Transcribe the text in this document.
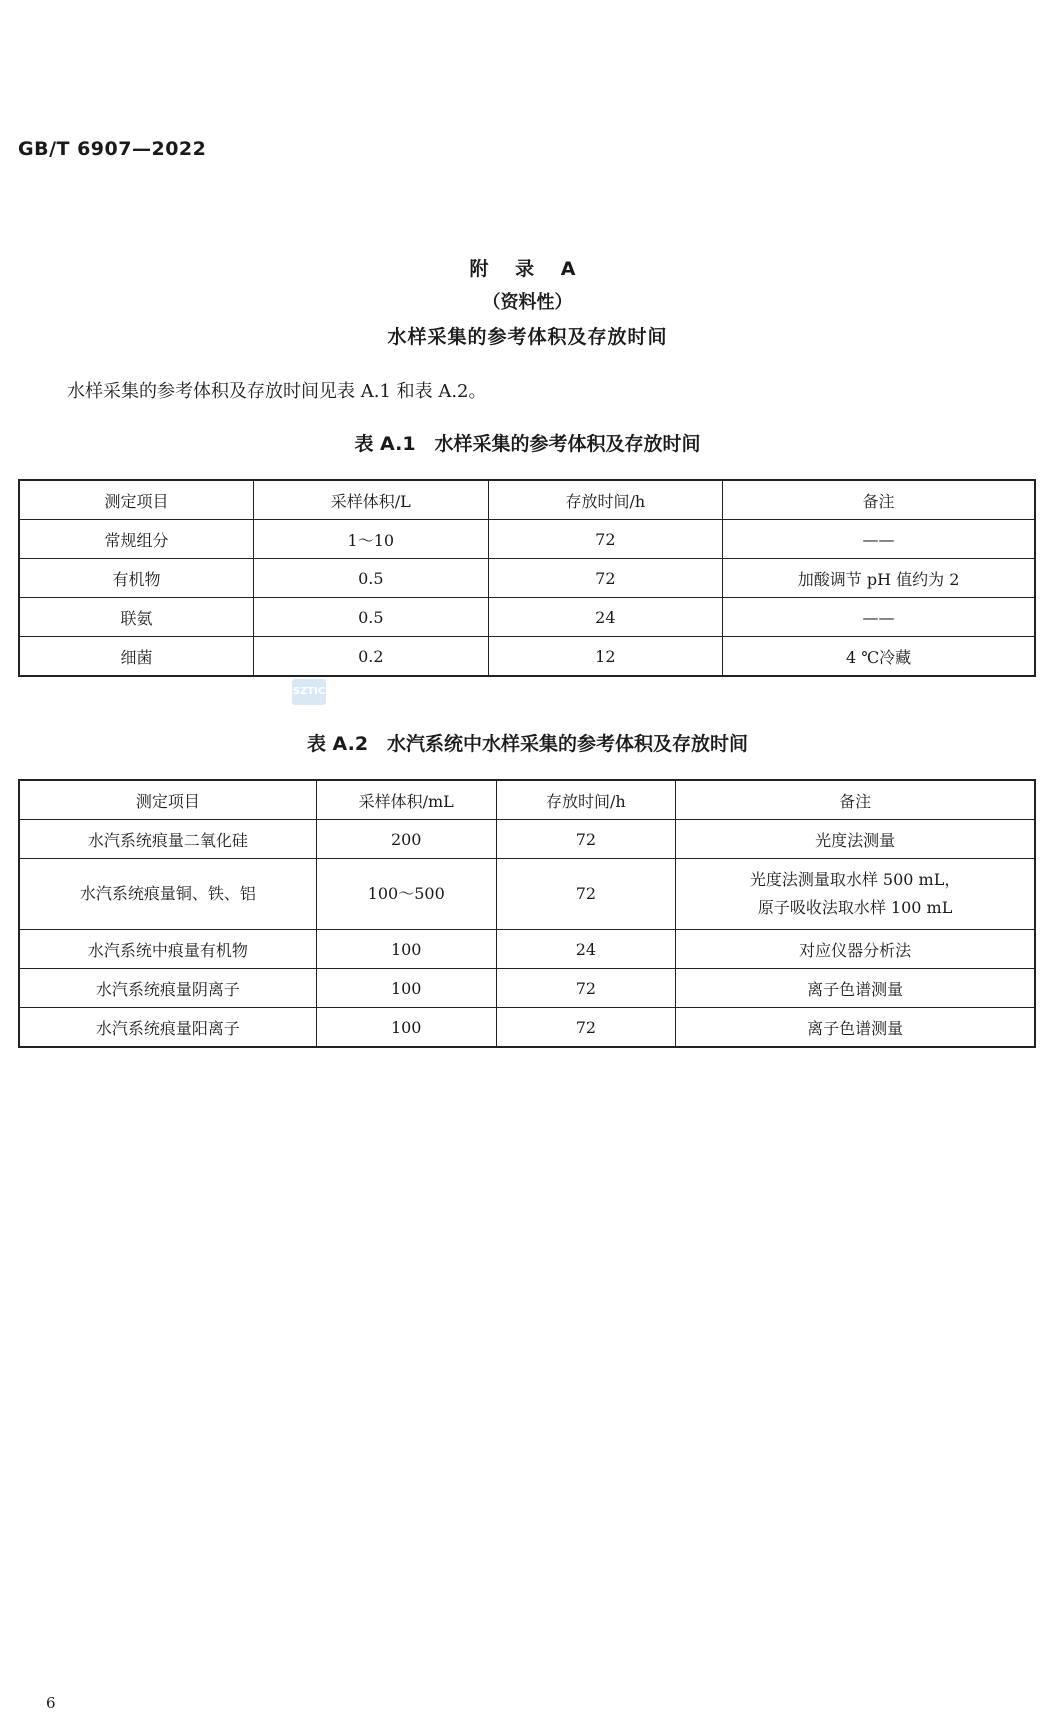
GB/T 6907—2022
附 录 A
（资料性）
水样采集的参考体积及存放时间
水样采集的参考体积及存放时间见表 A.1 和表 A.2。
表 A.1　水样采集的参考体积及存放时间
测定项目	采样体积/L	存放时间/h	备注
常规组分	1～10	72	——
有机物	0.5	72	加酸调节 pH 值约为 2
联氨	0.5	24	——
细菌	0.2	12	4 ℃冷藏
SZTIC
表 A.2　水汽系统中水样采集的参考体积及存放时间
测定项目	采样体积/mL	存放时间/h	备注
水汽系统痕量二氧化硅	200	72	光度法测量
水汽系统痕量铜、铁、铝	100～500	72	光度法测量取水样 500 mL，
原子吸收法取水样 100 mL

水汽系统中痕量有机物	100	24	对应仪器分析法
水汽系统痕量阴离子	100	72	离子色谱测量
水汽系统痕量阳离子	100	72	离子色谱测量
6
